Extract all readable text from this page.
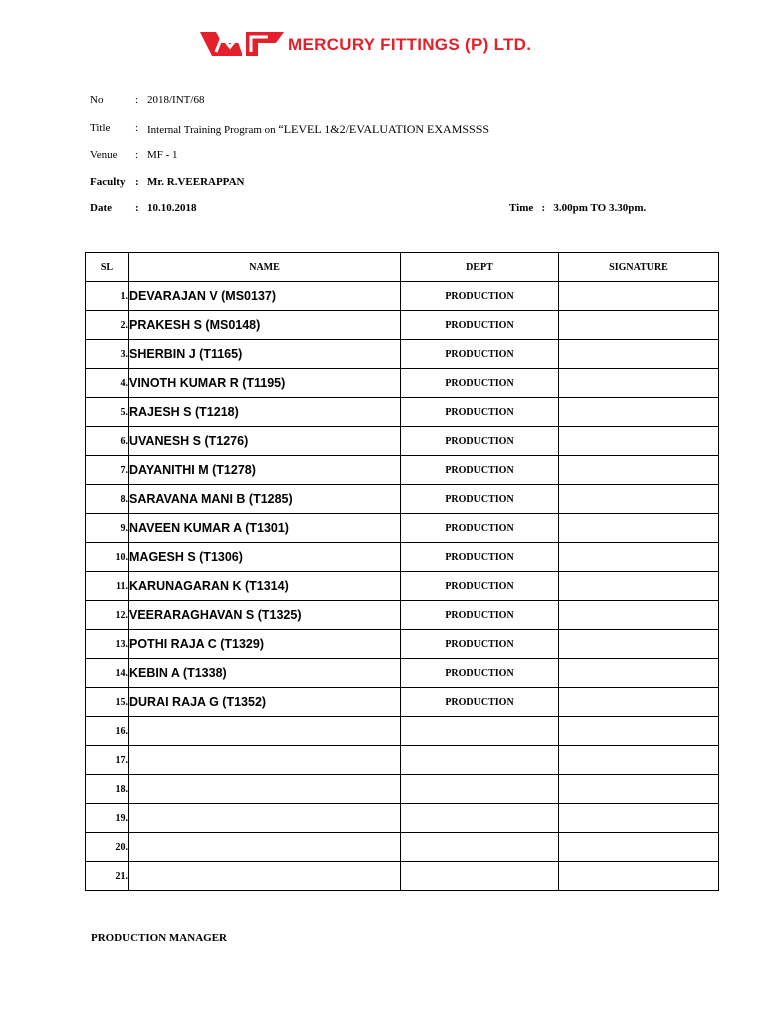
MERCURY FITTINGS (P) LTD.
No	: 2018/INT/68
Title : Internal Training Program on “LEVEL 1&2/EVALUATION EXAMSSSS
Venue : MF - 1
Faculty : Mr. R.VEERAPPAN
Date : 10.10.2018	Time : 3.00pm TO 3.30pm.
SL	NAME	DEPT	SIGNATURE
1.	DEVARAJAN V (MS0137)	PRODUCTION	
2.	PRAKESH S (MS0148)	PRODUCTION	
3.	SHERBIN J (T1165)	PRODUCTION	
4.	VINOTH KUMAR R (T1195)	PRODUCTION	
5.	RAJESH S (T1218)	PRODUCTION	
6.	UVANESH S (T1276)	PRODUCTION	
7.	DAYANITHI M (T1278)	PRODUCTION	
8.	SARAVANA MANI B (T1285)	PRODUCTION	
9.	NAVEEN KUMAR A (T1301)	PRODUCTION	
10.	MAGESH S (T1306)	PRODUCTION	
11.	KARUNAGARAN K (T1314)	PRODUCTION	
12.	VEERARAGHAVAN S (T1325)	PRODUCTION	
13.	POTHI RAJA C (T1329)	PRODUCTION	
14.	KEBIN A (T1338)	PRODUCTION	
15.	DURAI RAJA G (T1352)	PRODUCTION	
16.			
17.			
18.			
19.			
20.			
21.			
PRODUCTION MANAGER
